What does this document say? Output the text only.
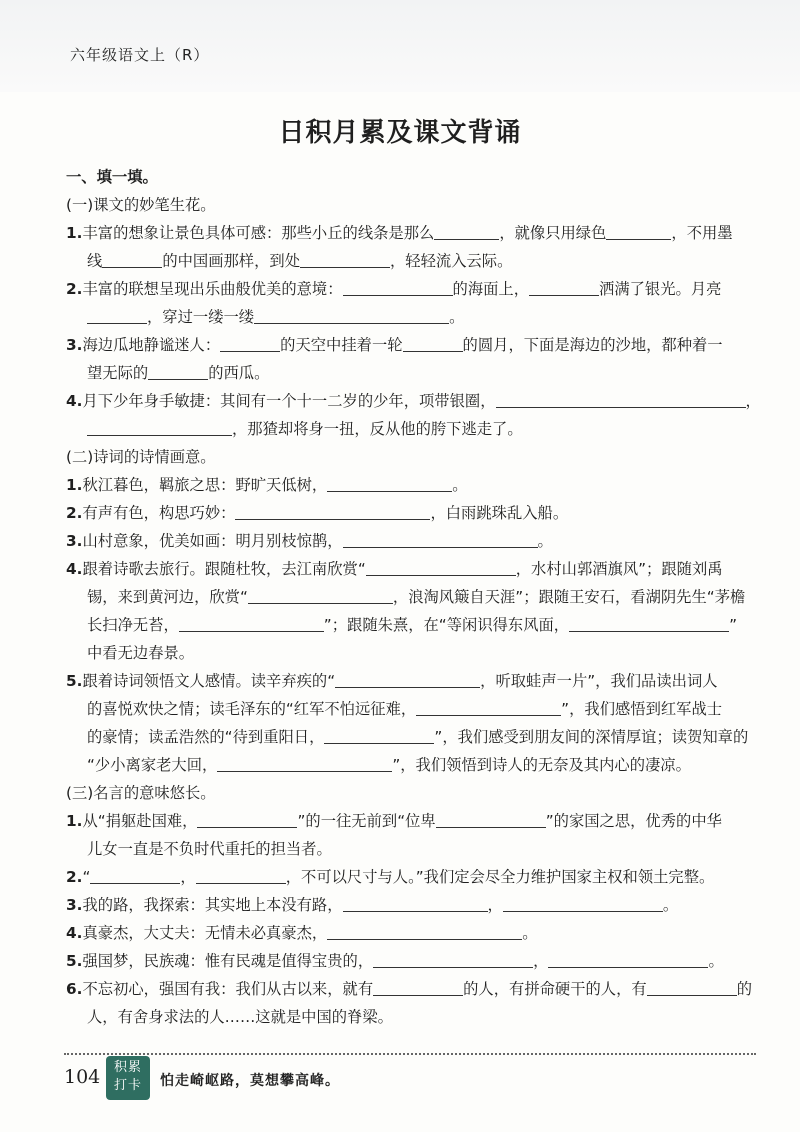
六年级语文上（R）
日积月累及课文背诵
一、填一填。
(一)课文的妙笔生花。
1.丰富的想象让景色具体可感：那些小丘的线条是那么	，就像只用绿色	，不用墨
线	的中国画那样，到处	，轻轻流入云际。
2.丰富的联想呈现出乐曲般优美的意境：	的海面上，	洒满了银光。月亮
，穿过一缕一缕	。
3.海边瓜地静谧迷人：	的天空中挂着一轮	的圆月，下面是海边的沙地，都种着一
望无际的	的西瓜。
4.月下少年身手敏捷：其间有一个十一二岁的少年，项带银圈，	，
，那猹却将身一扭，反从他的胯下逃走了。
(二)诗词的诗情画意。
1.秋江暮色，羁旅之思：野旷天低树，	。
2.有声有色，构思巧妙：	，白雨跳珠乱入船。
3.山村意象，优美如画：明月别枝惊鹊，	。
4.跟着诗歌去旅行。跟随杜牧，去江南欣赏“	，水村山郭酒旗风”；跟随刘禹
锡，来到黄河边，欣赏“	，浪淘风簸自天涯”；跟随王安石，看湖阴先生“茅檐
长扫净无苔，	”；跟随朱熹，在“等闲识得东风面，	”
中看无边春景。
5.跟着诗词领悟文人感情。读辛弃疾的“	，听取蛙声一片”，我们品读出词人
的喜悦欢快之情；读毛泽东的“红军不怕远征难，	”，我们感悟到红军战士
的豪情；读孟浩然的“待到重阳日，	”，我们感受到朋友间的深情厚谊；读贺知章的
“少小离家老大回，	”，我们领悟到诗人的无奈及其内心的凄凉。
(三)名言的意味悠长。
1.从“捐躯赴国难，	”的一往无前到“位卑	”的家国之思，优秀的中华
儿女一直是不负时代重托的担当者。
2.“	，	，不可以尺寸与人。”我们定会尽全力维护国家主权和领土完整。
3.我的路，我探索：其实地上本没有路，	，	。
4.真豪杰，大丈夫：无情未必真豪杰，	。
5.强国梦，民族魂：惟有民魂是值得宝贵的，	，	。
6.不忘初心，强国有我：我们从古以来，就有	的人，有拼命硬干的人，有	的
人，有舍身求法的人……这就是中国的脊梁。
104	积累
打卡	怕走崎岖路，莫想攀高峰。
